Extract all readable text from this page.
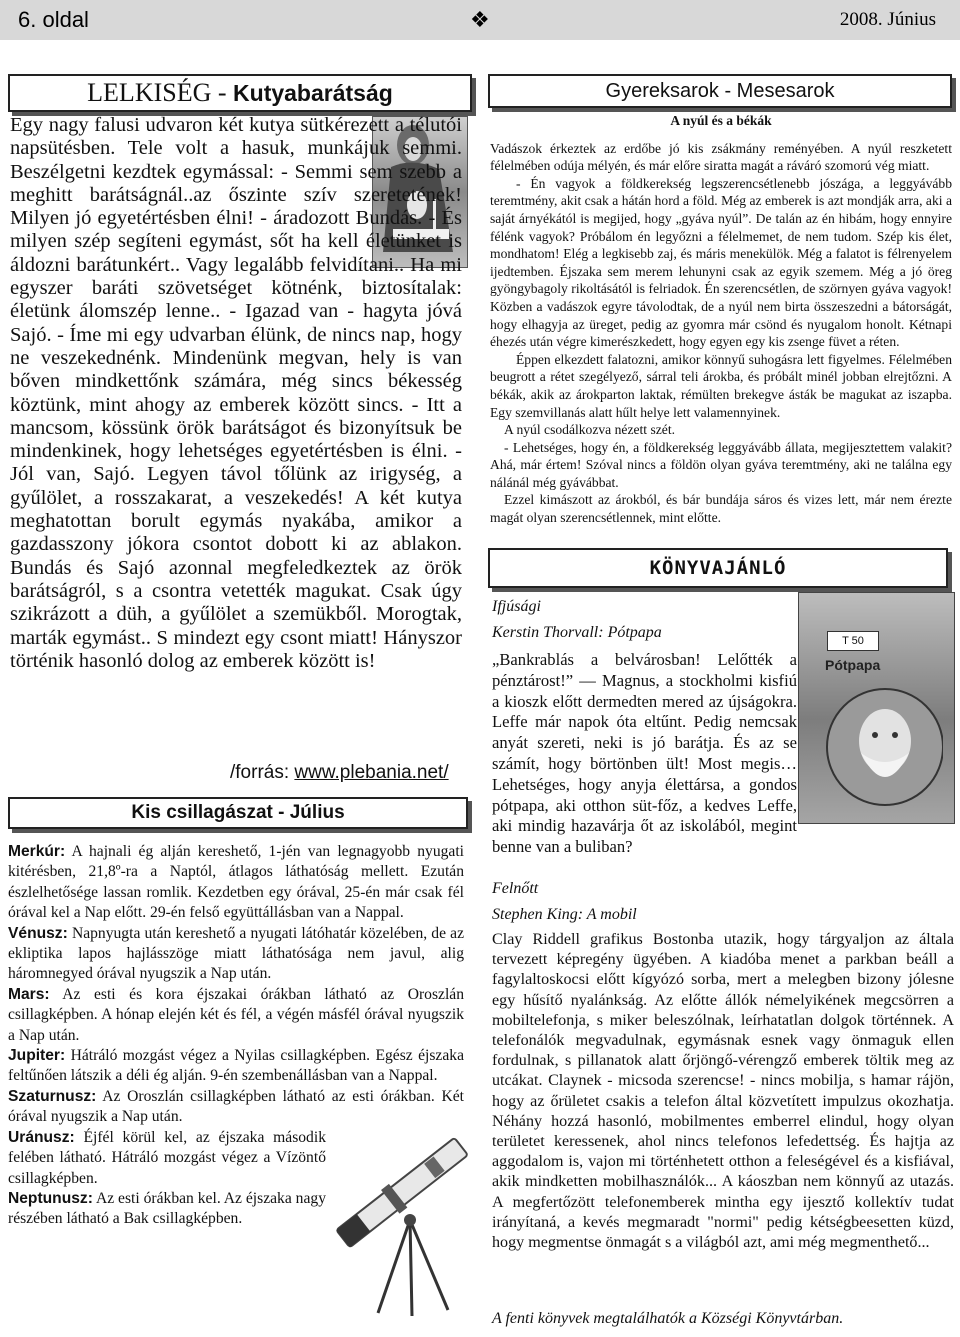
6. oldal	❖	2008. Június
LELKISÉG - Kutyabarátság
Egy nagy falusi udvaron két kutya sütkérezett a télutói napsütésben. Tele volt a hasuk, munkájuk semmi. Beszélgetni kezdtek egymással: - Semmi sem szebb a meghitt barátságnál..az őszinte szív szeretetének! Milyen jó egyetértésben élni! - áradozott Bundás. - És milyen szép segíteni egymást, sőt ha kell életünket is áldozni barátunkért.. Vagy legalább felvidítani.. Ha mi egyszer baráti szövetséget kötnénk, biztosítalak: életünk álomszép lenne.. - Igazad van - hagyta jóvá Sajó. - Íme mi egy udvarban élünk, de nincs nap, hogy ne veszekednénk. Mindenünk megvan, hely is van bőven mindkettőnk számára, még sincs békesség köztünk, mint ahogy az emberek között sincs. - Itt a mancsom, kössünk örök barátságot és bizonyítsuk be mindenkinek, hogy lehetséges egyetértésben is élni. - Jól van, Sajó. Legyen távol tőlünk az irigység, a gyűlölet, a rosszakarat, a veszekedés! A két kutya meghatottan borult egymás nyakába, amikor a gazdasszony jókora csontot dobott ki az ablakon. Bundás és Sajó azonnal megfeledkeztek az örök barátságról, s a csontra vetették magukat. Csak úgy szikrázott a düh, a gyűlölet a szemükből. Morogtak, marták egymást.. S mindezt egy csont miatt! Hányszor történik hasonló dolog az emberek között is!
/forrás: www.plebania.net/
Kis csillagászat - Július
Merkúr: A hajnali ég alján kereshető, 1-jén van legnagyobb nyugati kitérésben, 21,8º-ra a Naptól, átlagos láthatóság mellett. Ezután észlelhetősége lassan romlik. Kezdetben egy órával, 25-én már csak fél órával kel a Nap előtt. 29-én felső együttállásban van a Nappal.
Vénusz: Napnyugta után kereshető a nyugati látóhatár közelében, de az ekliptika lapos hajlásszöge miatt láthatósága nem javul, alig háromnegyed órával nyugszik a Nap után.
Mars: Az esti és kora éjszakai órákban látható az Oroszlán csillagképben. A hónap elején két és fél, a végén másfél órával nyugszik a Nap után.
Jupiter: Hátráló mozgást végez a Nyilas csillagképben. Egész éjszaka feltűnően látszik a déli ég alján. 9-én szembenállásban van a Nappal.
Szaturnusz: Az Oroszlán csillagképben látható az esti órákban. Két órával nyugszik a Nap után.
Uránusz: Éjfél körül kel, az éjszaka második felében látható. Hátráló mozgást végez a Vízöntő csillagképben.
Neptunusz: Az esti órákban kel. Az éjszaka nagy részében látható a Bak csillagképben.
Gyereksarok - Mesesarok
A nyúl és a békák
Vadászok érkeztek az erdőbe jó kis zsákmány reményében. A nyúl reszketett félelmében odúja mélyén, és már előre siratta magát a ráváró szomorú vég miatt.
- Én vagyok a földkerekség legszerencsétlenebb jószága, a leggyávább teremtmény, akit csak a hátán hord a föld. Még az emberek is azt mondják arra, aki a saját árnyékától is megijed, hogy „gyáva nyúl”. De talán az én hibám, hogy ennyire félénk vagyok? Próbálom én legyőzni a félelmemet, de nem tudom. Szép kis élet, mondhatom! Elég a legkisebb zaj, és máris menekülök. Még a falatot is félrenyelem ijedtemben. Éjszaka sem merem lehunyni csak az egyik szemem. Még a jó öreg gyöngybagoly rikoltásától is felriadok. Én szerencsétlen, de szörnyen gyáva vagyok! Közben a vadászok egyre távolodtak, de a nyúl nem birta összeszedni a bátorságát, hogy elhagyja az üreget, pedig az gyomra már csönd és nyugalom honolt. Kétnapi éhezés után végre kimerészkedett, hogy egyen egy kis zsenge füvet a réten.
Éppen elkezdett falatozni, amikor könnyű suhogásra lett figyelmes. Félelmében beugrott a rétet szegélyező, sárral teli árokba, és próbált minél jobban elrejtőzni. A békák, akik az árokparton laktak, rémülten brekegve ásták be magukat az iszapba. Egy szemvillanás alatt hűlt helye lett valamennyinek.
A nyúl csodálkozva nézett szét.
- Lehetséges, hogy én, a földkerekség leggyávább állata, megijesztettem valakit? Ahá, már értem! Szóval nincs a földön olyan gyáva teremtmény, aki ne találna egy nálánál még gyávábbat.
Ezzel kimászott az árokból, és bár bundája sáros és vizes lett, már nem érezte magát olyan szerencsétlennek, mint előtte.
KÖNYVAJÁNLÓ
Ifjúsági
Kerstin Thorvall: Pótpapa	T 50
Pótpapa
„Bankrablás a belvárosban! Lelőtték a pénztárost!” — Magnus, a stockholmi kisfiú a kioszk előtt dermedten mered az újságokra. Leffe már napok óta eltűnt. Pedig nemcsak anyát szereti, neki is jó barátja. És az se számít, hogy börtönben ült! Most megis… Lehetséges, hogy anyja élettársa, a gondos pótpapa, aki otthon süt-főz, a kedves Leffe, aki mindig hazavárja őt az iskolából, megint benne van a buliban?
Felnőtt
Stephen King: A mobil
Clay Riddell grafikus Bostonba utazik, hogy tárgyaljon az általa tervezett képregény ügyében. A kiadóba menet a parkban beáll a fagylaltoskocsi előtt kígyózó sorba, mert a melegben bizony jólesne egy hűsítő nyalánkság. Az előtte állók némelyikének megcsörren a mobiltelefonja, s miker beleszólnak, leírhatatlan dolgok történnek. A telefonálók megvadulnak, egymásnak esnek vagy önmaguk ellen fordulnak, s pillanatok alatt őrjöngő-vérengző emberek töltik meg az utcákat. Claynek - micsoda szerencse! - nincs mobilja, s hamar rájön, hogy az őrületet csakis a telefon által közvetített impulzus okozhatja. Néhány hozzá hasonló, mobilmentes emberrel elindul, hogy olyan területet keressenek, ahol nincs telefonos lefedettség. És hajtja az aggodalom is, vajon mi történhetett otthon a feleségével és a kisfiával, akik mindketten mobilhasználók... A káoszban nem könnyű az utazás. A megfertőzött telefonemberek mintha egy ijesztő kollektív tudat irányítaná, a kevés megmaradt "normi" pedig kétségbeesetten küzd, hogy megmentse önmagát s a világból azt, ami még megmenthető...
A fenti könyvek megtalálhatók a Községi Könyvtárban.
